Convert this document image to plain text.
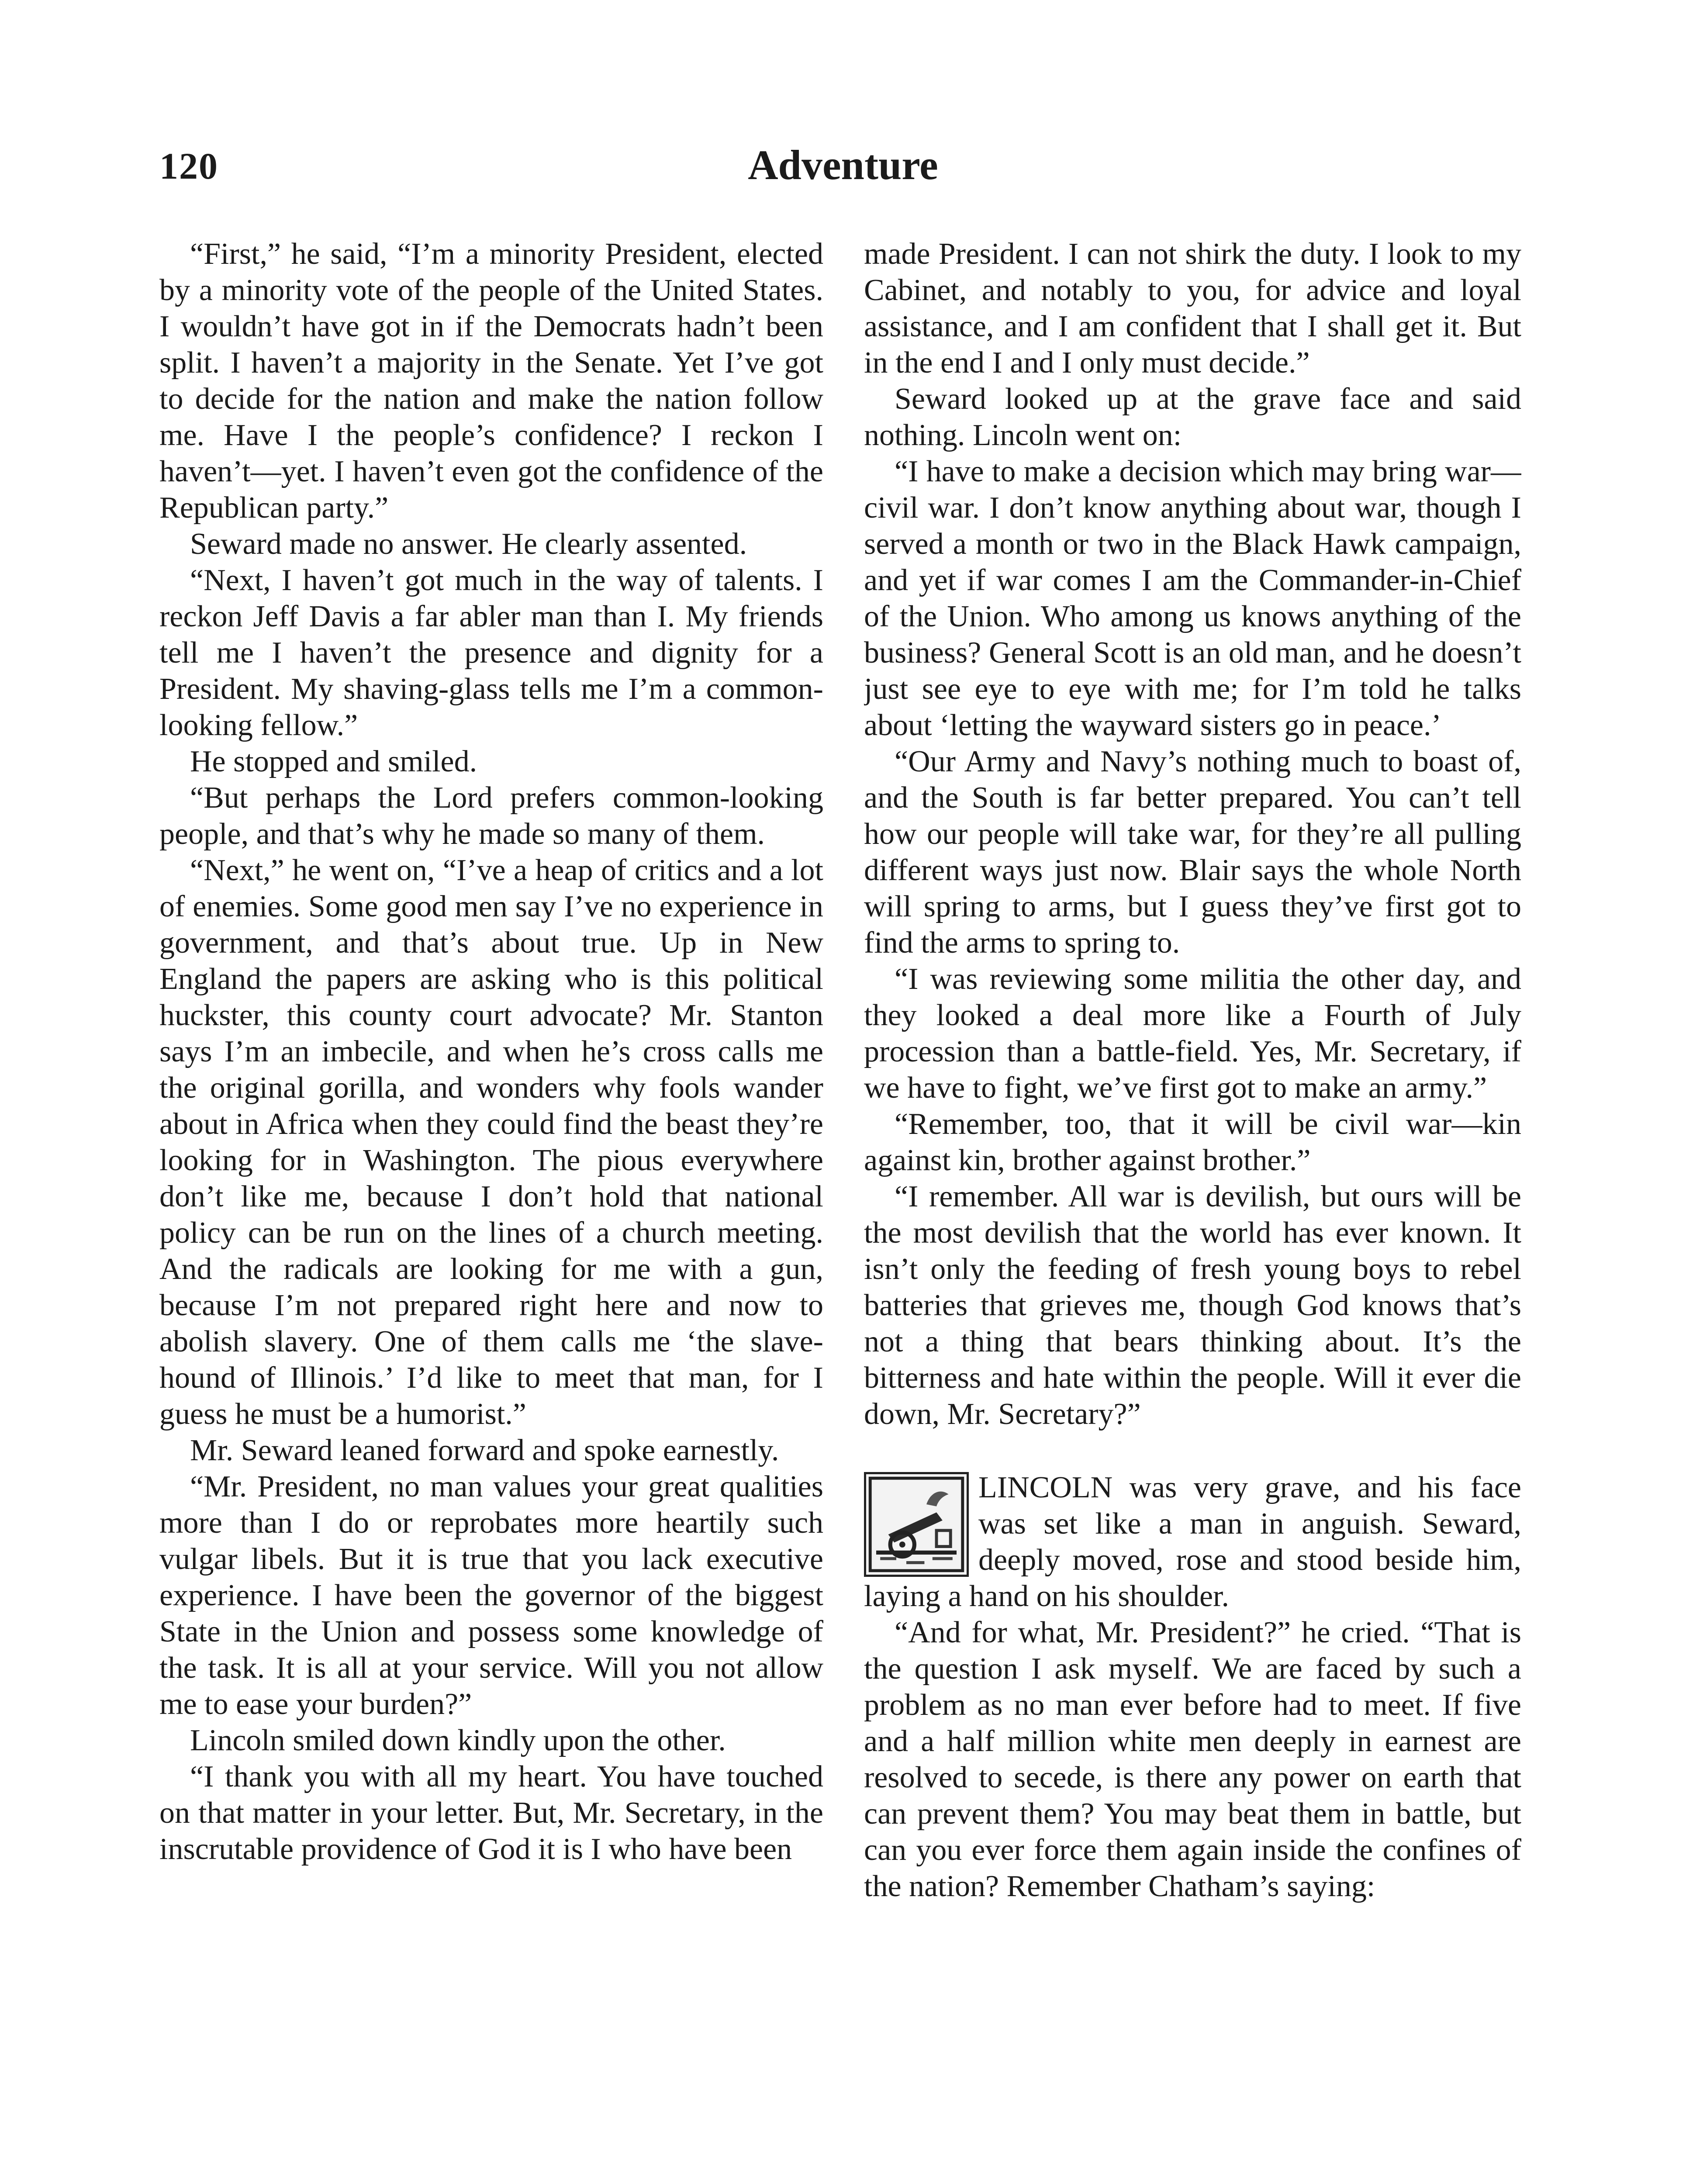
120	Adventure

“First,” he said, “I’m a minority President, elected by a minority vote of the people of the United States. I wouldn’t have got in if the Democrats hadn’t been split. I haven’t a majority in the Senate. Yet I’ve got to decide for the nation and make the nation follow me. Have I the people’s confidence? I reckon I haven’t—yet. I haven’t even got the confidence of the Republican party.”

Seward made no answer. He clearly assented.

“Next, I haven’t got much in the way of talents. I reckon Jeff Davis a far abler man than I. My friends tell me I haven’t the presence and dignity for a President. My shaving-glass tells me I’m a common-looking fellow.”

He stopped and smiled.

“But perhaps the Lord prefers common-looking people, and that’s why he made so many of them.

“Next,” he went on, “I’ve a heap of critics and a lot of enemies. Some good men say I’ve no experience in government, and that’s about true. Up in New England the papers are asking who is this political huckster, this county court advocate? Mr. Stanton says I’m an imbecile, and when he’s cross calls me the original gorilla, and wonders why fools wander about in Africa when they could find the beast they’re looking for in Washington. The pious everywhere don’t like me, because I don’t hold that national policy can be run on the lines of a church meeting. And the radicals are looking for me with a gun, because I’m not prepared right here and now to abolish slavery. One of them calls me ‘the slave-hound of Illinois.’ I’d like to meet that man, for I guess he must be a humorist.”

Mr. Seward leaned forward and spoke earnestly.

“Mr. President, no man values your great qualities more than I do or reprobates more heartily such vulgar libels. But it is true that you lack executive experience. I have been the governor of the biggest State in the Union and possess some knowledge of the task. It is all at your service. Will you not allow me to ease your burden?”

Lincoln smiled down kindly upon the other.

“I thank you with all my heart. You have touched on that matter in your letter. But, Mr. Secretary, in the inscrutable providence of God it is I who have been

made President. I can not shirk the duty. I look to my Cabinet, and notably to you, for advice and loyal assistance, and I am confident that I shall get it. But in the end I and I only must decide.”

Seward looked up at the grave face and said nothing. Lincoln went on:

“I have to make a decision which may bring war—civil war. I don’t know anything about war, though I served a month or two in the Black Hawk campaign, and yet if war comes I am the Commander-in-Chief of the Union. Who among us knows anything of the business? General Scott is an old man, and he doesn’t just see eye to eye with me; for I’m told he talks about ‘letting the wayward sisters go in peace.’

“Our Army and Navy’s nothing much to boast of, and the South is far better prepared. You can’t tell how our people will take war, for they’re all pulling different ways just now. Blair says the whole North will spring to arms, but I guess they’ve first got to find the arms to spring to.

“I was reviewing some militia the other day, and they looked a deal more like a Fourth of July procession than a battle-field. Yes, Mr. Secretary, if we have to fight, we’ve first got to make an army.”

“Remember, too, that it will be civil war—kin against kin, brother against brother.”

“I remember. All war is devilish, but ours will be the most devilish that the world has ever known. It isn’t only the feeding of fresh young boys to rebel batteries that grieves me, though God knows that’s not a thing that bears thinking about. It’s the bitterness and hate within the people. Will it ever die down, Mr. Secretary?”

LINCOLN was very grave, and his face was set like a man in anguish. Seward, deeply moved, rose and stood beside him, laying a hand on his shoulder.

“And for what, Mr. President?” he cried. “That is the question I ask myself. We are faced by such a problem as no man ever before had to meet. If five and a half million white men deeply in earnest are resolved to secede, is there any power on earth that can prevent them? You may beat them in battle, but can you ever force them again inside the confines of the nation? Remember Chatham’s saying:
